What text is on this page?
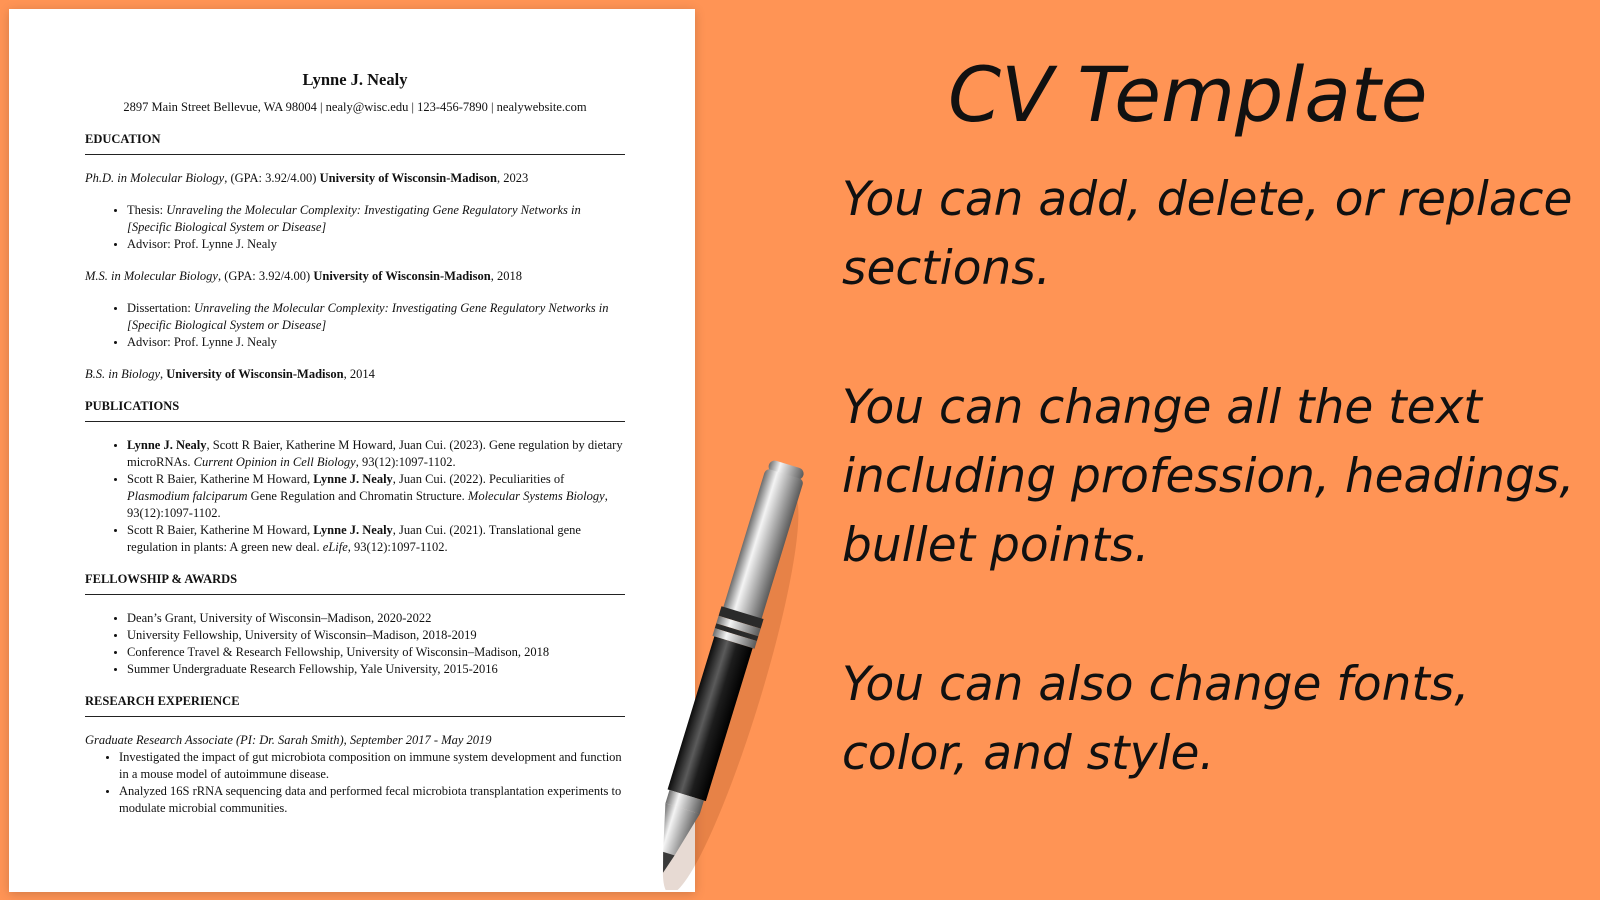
Lynne J. Nealy
2897 Main Street Bellevue, WA 98004 | nealy@wisc.edu | 123-456-7890 | nealywebsite.com
EDUCATION
Ph.D. in Molecular Biology, (GPA: 3.92/4.00) University of Wisconsin-Madison, 2023
• Thesis: Unraveling the Molecular Complexity: Investigating Gene Regulatory Networks in [Specific Biological System or Disease]
• Advisor: Prof. Lynne J. Nealy
M.S. in Molecular Biology, (GPA: 3.92/4.00) University of Wisconsin-Madison, 2018
• Dissertation: Unraveling the Molecular Complexity: Investigating Gene Regulatory Networks in [Specific Biological System or Disease]
• Advisor: Prof. Lynne J. Nealy
B.S. in Biology, University of Wisconsin-Madison, 2014
PUBLICATIONS
• Lynne J. Nealy, Scott R Baier, Katherine M Howard, Juan Cui. (2023). Gene regulation by dietary microRNAs. Current Opinion in Cell Biology, 93(12):1097-1102.
• Scott R Baier, Katherine M Howard, Lynne J. Nealy, Juan Cui. (2022). Peculiarities of Plasmodium falciparum Gene Regulation and Chromatin Structure. Molecular Systems Biology, 93(12):1097-1102.
• Scott R Baier, Katherine M Howard, Lynne J. Nealy, Juan Cui. (2021). Translational gene regulation in plants: A green new deal. eLife, 93(12):1097-1102.
FELLOWSHIP & AWARDS
• Dean’s Grant, University of Wisconsin–Madison, 2020-2022
• University Fellowship, University of Wisconsin–Madison, 2018-2019
• Conference Travel & Research Fellowship, University of Wisconsin–Madison, 2018
• Summer Undergraduate Research Fellowship, Yale University, 2015-2016
RESEARCH EXPERIENCE
Graduate Research Associate (PI: Dr. Sarah Smith), September 2017 - May 2019
• Investigated the impact of gut microbiota composition on immune system development and function in a mouse model of autoimmune disease.
• Analyzed 16S rRNA sequencing data and performed fecal microbiota transplantation experiments to modulate microbial communities.
CV Template
You can add, delete, or replace sections.
You can change all the text including profession, headings, bullet points.
You can also change fonts, color, and style.
